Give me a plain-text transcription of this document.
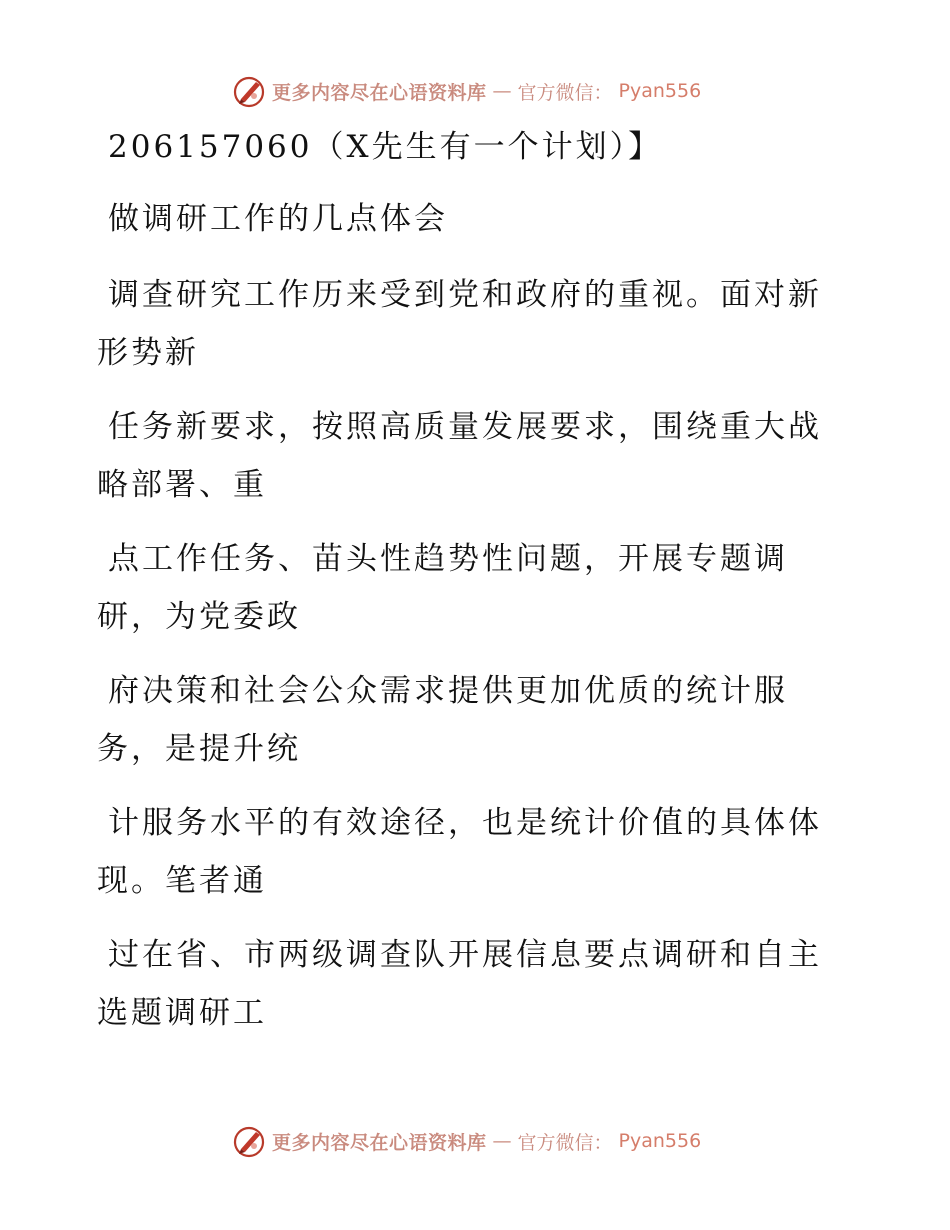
更多内容尽在心语资料库 — 官方微信： Pyan556
206157060（X先生有一个计划）】
做调研工作的几点体会
调查研究工作历来受到党和政府的重视。面对新
形势新
任务新要求，按照高质量发展要求，围绕重大战
略部署、重
点工作任务、苗头性趋势性问题，开展专题调
研，为党委政
府决策和社会公众需求提供更加优质的统计服
务，是提升统
计服务水平的有效途径，也是统计价值的具体体
现。笔者通
过在省、市两级调查队开展信息要点调研和自主
选题调研工
更多内容尽在心语资料库 — 官方微信： Pyan556
